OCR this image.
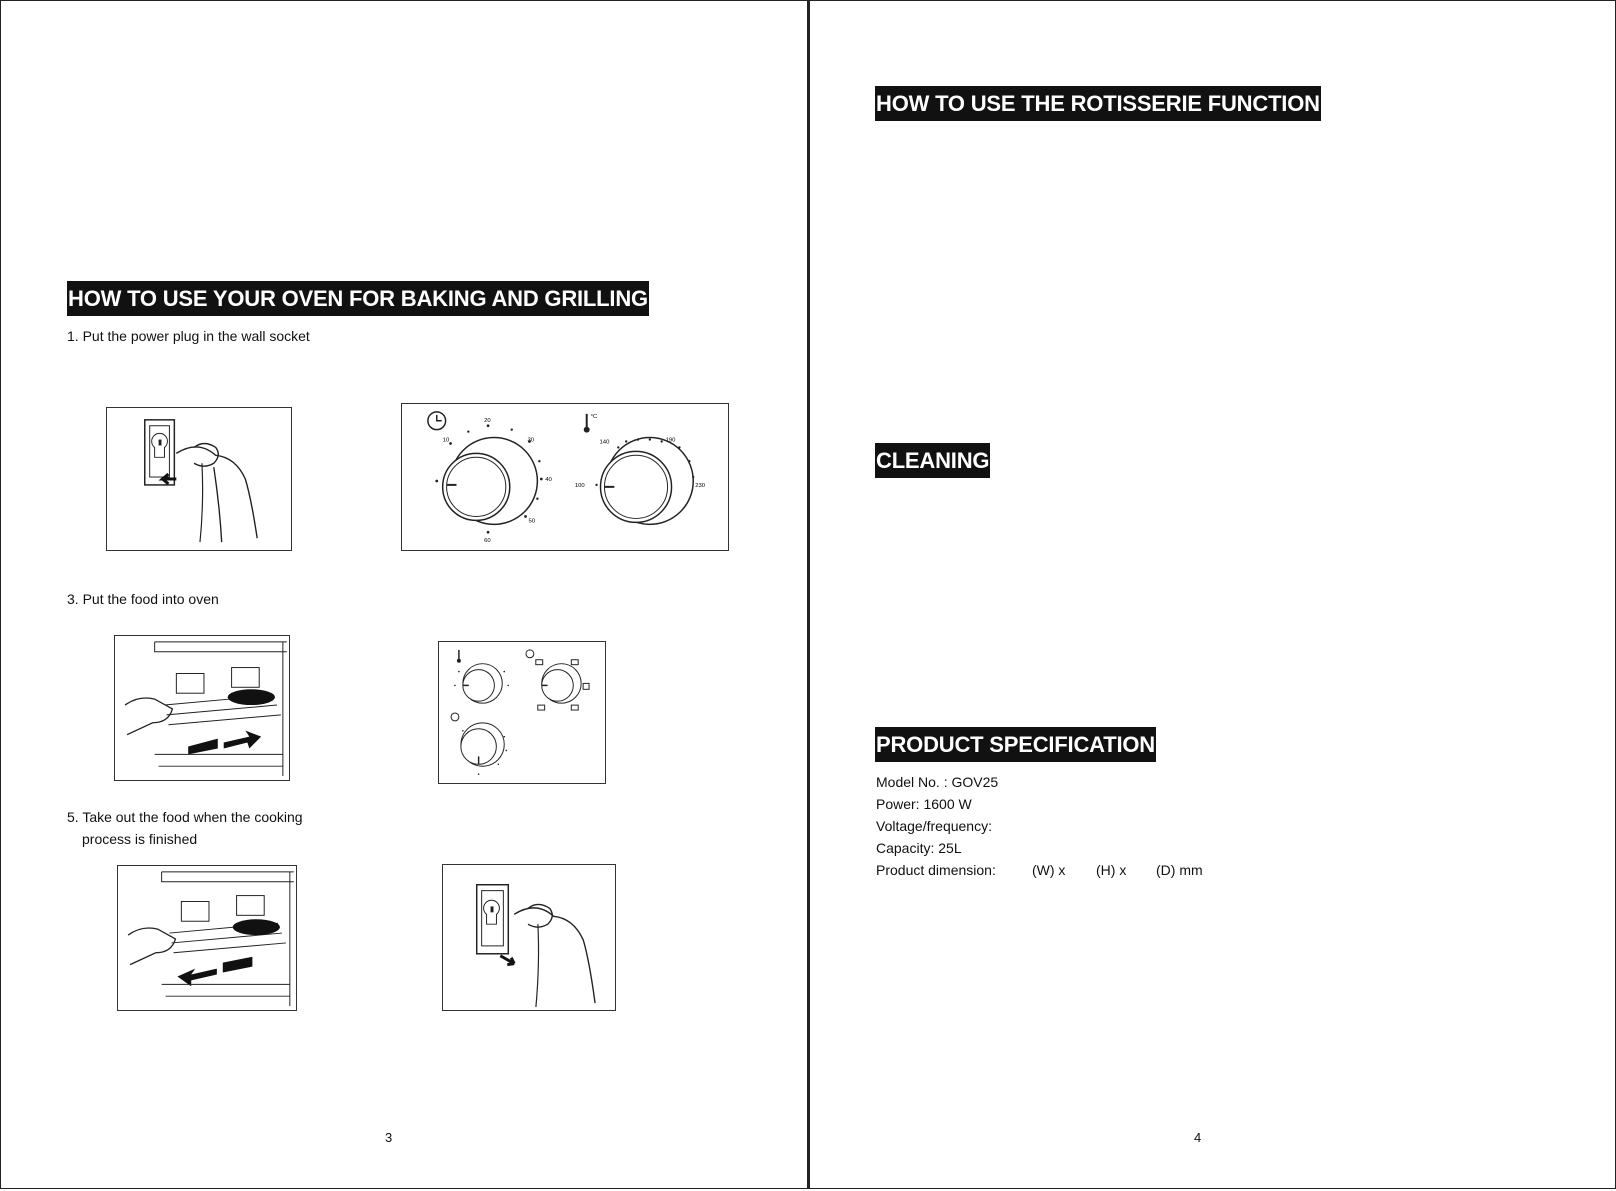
HOW TO USE YOUR OVEN FOR BAKING AND GRILLING
1. Put the power plug in the wall socket
20
10	30
40
50
60
°C
140	190
100	230
3. Put the food into oven
5. Take out the food when the cooking
process is finished
3
HOW TO USE THE ROTISSERIE FUNCTION
CLEANING
PRODUCT SPECIFICATION
Model No. : GOV25
Power: 1600 W
Voltage/frequency:
Capacity: 25L
Product dimension:	(W) x (H) x (D) mm
4
